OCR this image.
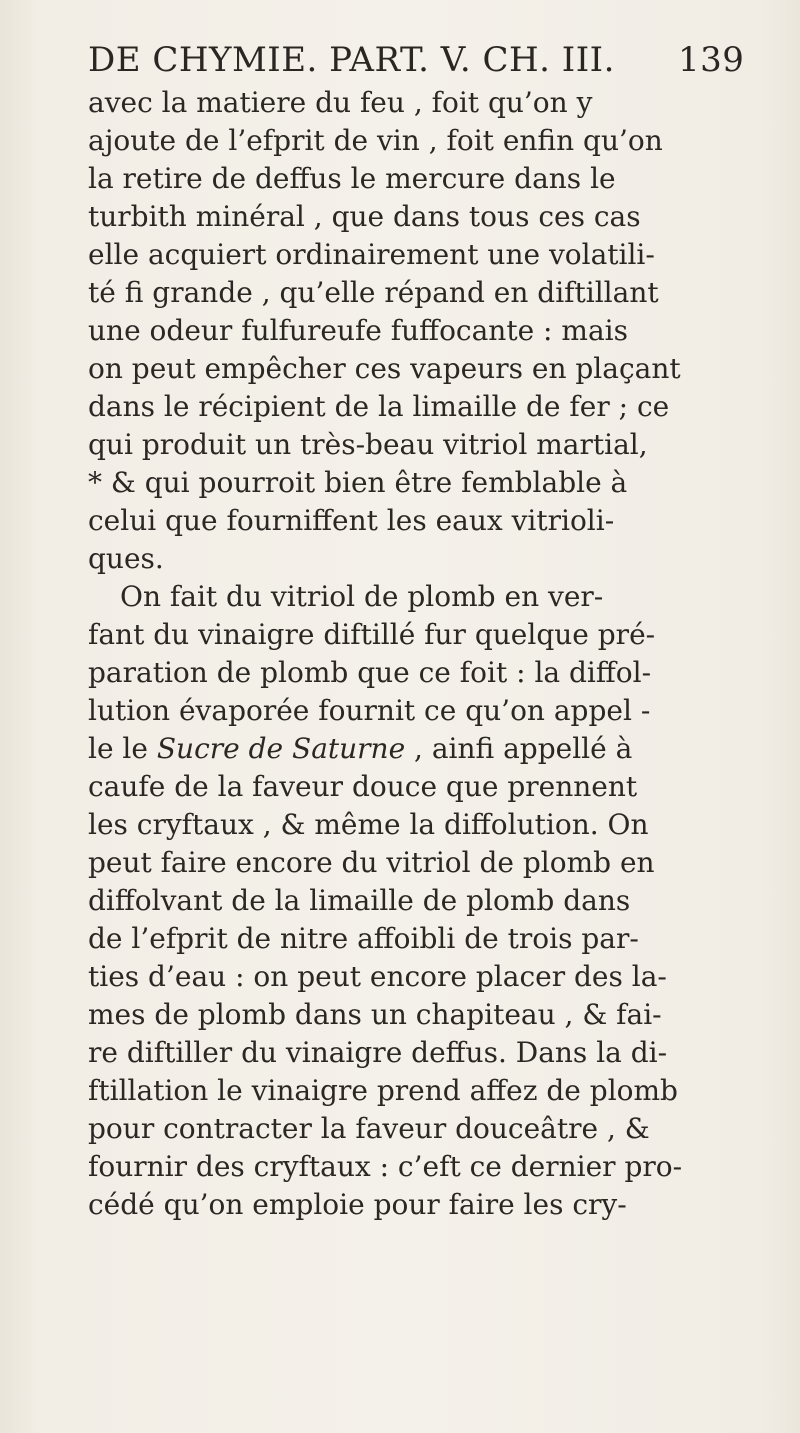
DE CHYMIE. PART. V. CH. III. 139
avec la matiere du feu , foit qu’on y
ajoute de l’efprit de vin , foit enfin qu’on
la retire de deffus le mercure dans le
turbith minéral , que dans tous ces cas
elle acquiert ordinairement une volatili-
té fi grande , qu’elle répand en diftillant
une odeur fulfureufe fuffocante : mais
on peut empêcher ces vapeurs en plaçant
dans le récipient de la limaille de fer ; ce
qui produit un très-beau vitriol martial,
* & qui pourroit bien être femblable à
celui que fourniffent les eaux vitrioli-
ques.
On fait du vitriol de plomb en ver-
fant du vinaigre diftillé fur quelque pré-
paration de plomb que ce foit : la diffol-
lution évaporée fournit ce qu’on appel -
le le Sucre de Saturne , ainfi appellé à
caufe de la faveur douce que prennent
les cryftaux , & même la diffolution. On
peut faire encore du vitriol de plomb en
diffolvant de la limaille de plomb dans
de l’efprit de nitre affoibli de trois par-
ties d’eau : on peut encore placer des la-
mes de plomb dans un chapiteau , & fai-
re diftiller du vinaigre deffus. Dans la di-
ftillation le vinaigre prend affez de plomb
pour contracter la faveur douceâtre , &
fournir des cryftaux : c’eft ce dernier pro-
cédé qu’on emploie pour faire les cry-
